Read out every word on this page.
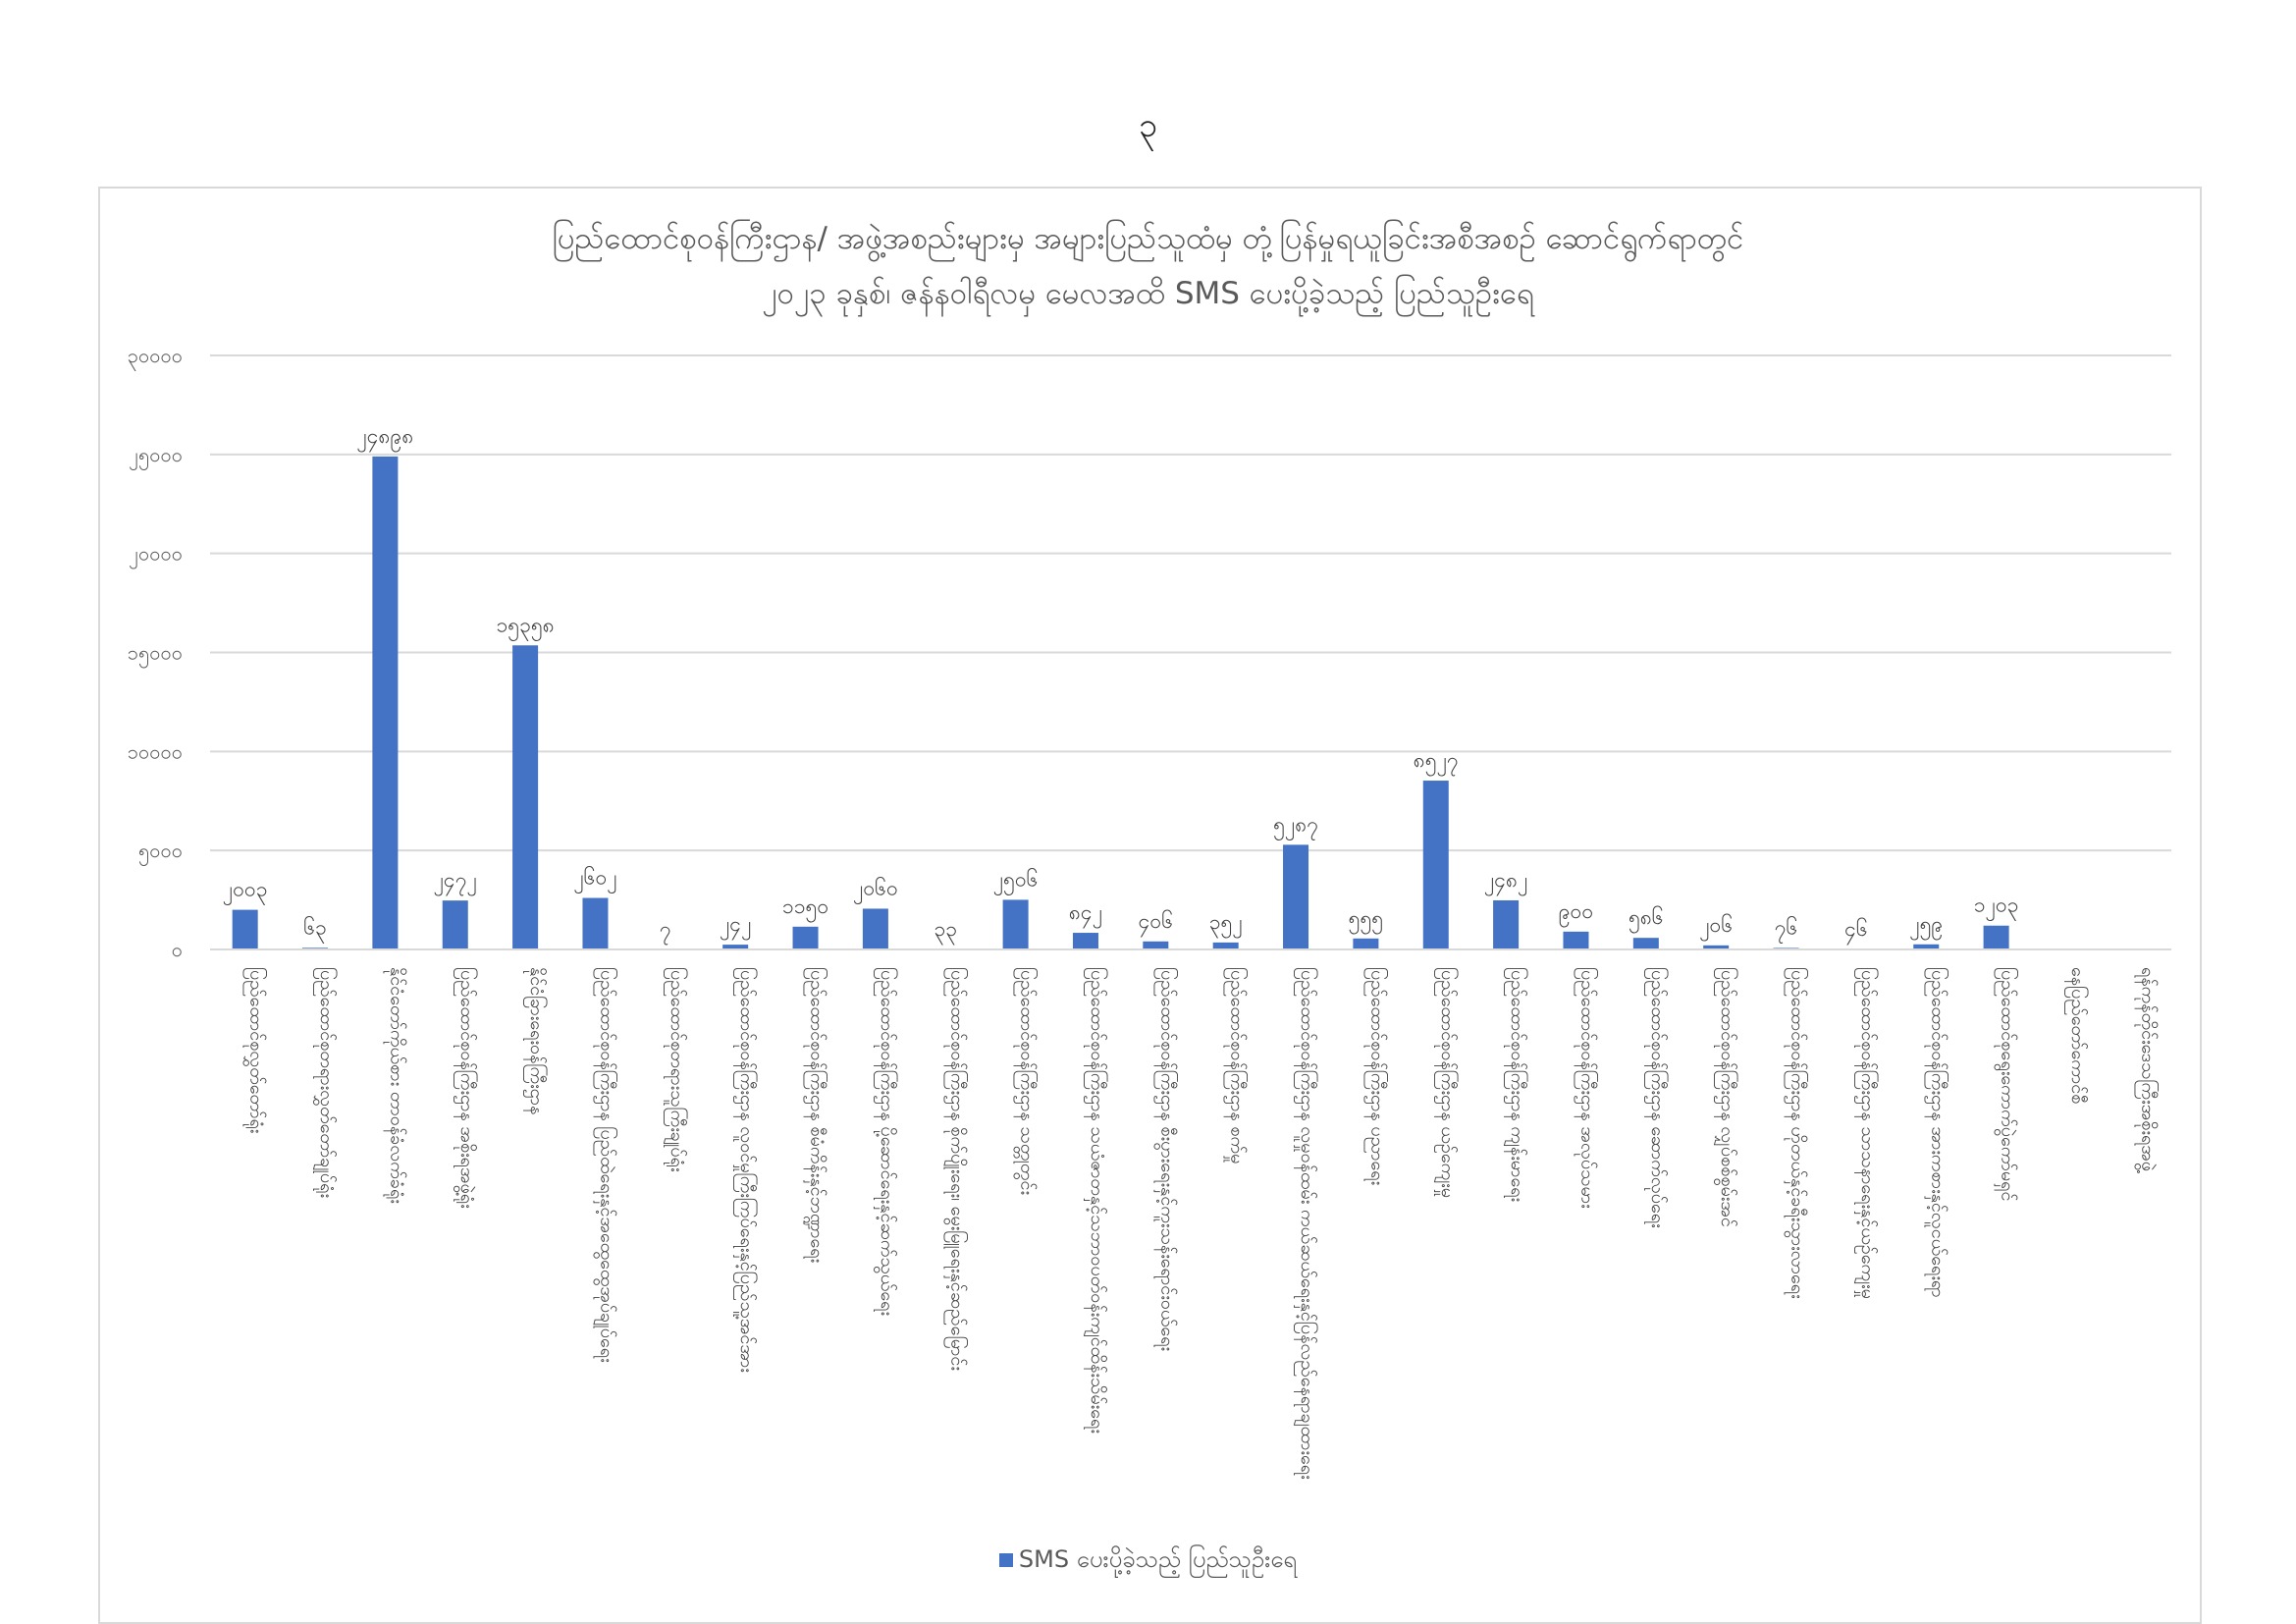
၃
ပြည်ထောင်စုဝန်ကြီးဌာန/ အဖွဲ့အစည်းများမှ အများပြည်သူထံမှ တုံ့ပြန်မှုရယူခြင်းအစီအစဉ် ဆောင်ရွက်ရာတွင်
၂၀၂၃ ခုနှစ်၊ ဇန်နဝါရီလမှ မေလအထိ SMS ပေးပို့ခဲ့သည့် ပြည်သူဦးရေ
၀
၅၀၀၀
၁၀၀၀၀
၁၅၀၀၀
၂၀၀၀၀
၂၅၀၀၀
၃၀၀၀၀
၂၀၀၃
ပြည်ထောင်စုလွှတ်တော်ရုံး
၆၃
ပြည်ထောင်စုတရားလွှတ်တော်ချုပ်ရုံး
၂၄၈၉၈
နိုင်ငံတော်ကိုယ်စား တာဝန်ခံလက်ခံရုံး
၂၄၇၂
ပြည်ထောင်စုဝန်ကြီးဌာန အစိုးရအဖွဲ့ရုံး
၁၅၃၅၈
နိုင်ငံခြားရေးဝန်ကြီးဌာန
၂၆၀၂
ပြည်ထောင်စုဝန်ကြီးဌာန ပြည်ထဲရေးနှင့်အထွေထွေအုပ်ချုပ်ရေး
၇
ပြည်ထောင်စုတရားသူကြီးချုပ်ရုံး
၂၄၂
ပြည်ထောင်စုဝန်ကြီးဌာန လူဝင်မှုကြီးကြပ်ရေးနှင့်ပြည်သူ့အင်အား
၁၁၅၀
ပြည်ထောင်စုဝန်ကြီးဌာန စီမံကိန်းနှင့်ဘဏ္ဍာရေး
၂၀၆၀
ပြည်ထောင်စုဝန်ကြီးဌာန ပို့ဆောင်ရေးနှင့်ဆက်သွယ်ရေး
၃၃
ပြည်ထောင်စုဝန်ကြီးဌာန စိုက်ပျိုးရေး၊ မွေးမြူရေးနှင့်ဆည်မြောင်း
၂၅၀၆
ပြည်ထောင်စုဝန်ကြီးဌာန သတ္တုတွင်း
၈၄၂
ပြည်ထောင်စုဝန်ကြီးဌာန သယံဇာတနှင့်သဘာဝပတ်ဝန်းကျင်ထိန်းသိမ်းရေး
၄၀၆
ပြည်ထောင်စုဝန်ကြီးဌာန စီးပွားရေးနှင့်ကူးသန်းရောင်းဝယ်ရေး
၃၅၂
ပြည်ထောင်စုဝန်ကြီးဌာန စက်မှု
၅၂၈၇
ပြည်ထောင်စုဝန်ကြီးဌာန လူမှုဝန်ထမ်း ကယ်ဆယ်ရေးနှင့်ပြန်လည်နေရာချထားရေး
၅၅၅
ပြည်ထောင်စုဝန်ကြီးဌာန ပညာရေး
၈၅၂၇
ပြည်ထောင်စုဝန်ကြီးဌာန ယဉ်ကျေးမှု
၂၄၈၂
ပြည်ထောင်စုဝန်ကြီးဌာန ကျန်းမာရေး
၉၀၀
ပြည်ထောင်စုဝန်ကြီးဌာန အလုပ်သမား
၅၈၆
ပြည်ထောင်စုဝန်ကြီးဌာန ဆောက်လုပ်ရေး
၂၀၆
ပြည်ထောင်စုဝန်ကြီးဌာန လျှပ်စစ်စွမ်းအင်
၇၆
ပြည်ထောင်စုဝန်ကြီးဌာန ဟိုတယ်နှင့်ခရီးသွားလာရေး
၄၆
ပြည်ထောင်စုဝန်ကြီးဌာန သာသနာရေးနှင့်ယဉ်ကျေးမှု
၂၅၉
ပြည်ထောင်စုဝန်ကြီးဌာန အားကစားနှင့်လူငယ်ရေးရာ
၁၂၀၃
ပြည်ထောင်စုရွေးကောက်ပွဲကော်မရှင်	နေပြည်တော်ကောင်စီ	ရန်ကုန်တိုင်းဒေသကြီးအစိုးရအဖွဲ့
SMS ပေးပို့ခဲ့သည့် ပြည်သူဦးရေ
